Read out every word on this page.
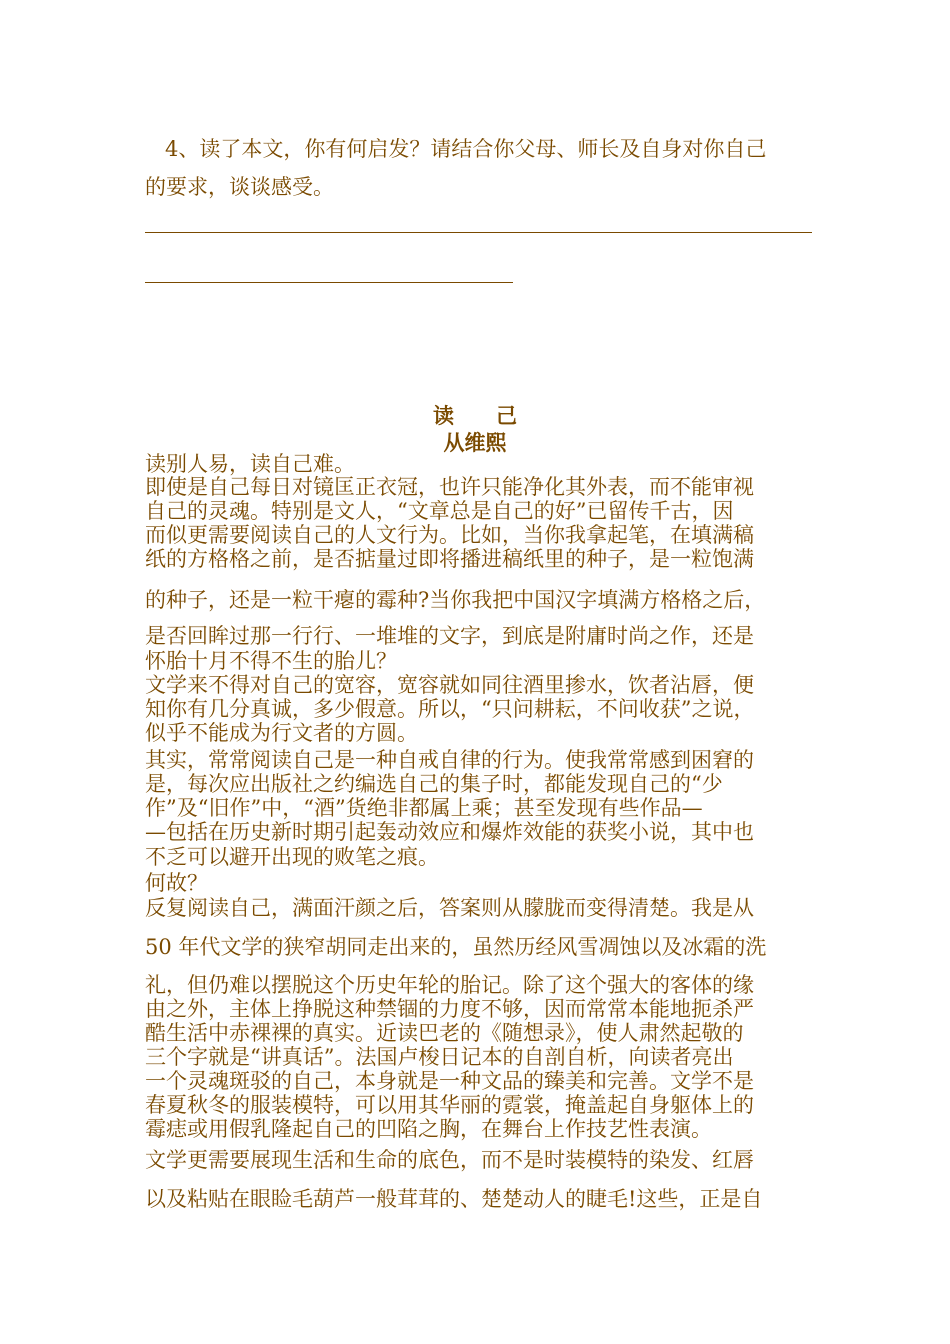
4、读了本文，你有何启发？请结合你父母、师长及自身对你自己
的要求，谈谈感受。
读　　己
从维熙
读别人易，读自己难。
即使是自己每日对镜匡正衣冠，也许只能净化其外表，而不能审视
自己的灵魂。特别是文人，“文章总是自己的好”已留传千古，因
而似更需要阅读自己的人文行为。比如，当你我拿起笔，在填满稿
纸的方格格之前，是否掂量过即将播进稿纸里的种子，是一粒饱满
的种子，还是一粒干瘪的霉种?当你我把中国汉字填满方格格之后，
是否回眸过那一行行、一堆堆的文字，到底是附庸时尚之作，还是
怀胎十月不得不生的胎儿？
文学来不得对自己的宽容，宽容就如同往酒里掺水，饮者沾唇，便
知你有几分真诚，多少假意。所以，“只问耕耘，不问收获”之说，
似乎不能成为行文者的方圆。
其实，常常阅读自己是一种自戒自律的行为。使我常常感到困窘的
是，每次应出版社之约编选自己的集子时，都能发现自己的“少
作”及“旧作”中，“酒”货绝非都属上乘；甚至发现有些作品—
—包括在历史新时期引起轰动效应和爆炸效能的获奖小说，其中也
不乏可以避开出现的败笔之痕。
何故？
反复阅读自己，满面汗颜之后，答案则从朦胧而变得清楚。我是从
50 年代文学的狭窄胡同走出来的，虽然历经风雪凋蚀以及冰霜的洗
礼，但仍难以摆脱这个历史年轮的胎记。除了这个强大的客体的缘
由之外，主体上挣脱这种禁锢的力度不够，因而常常本能地扼杀严
酷生活中赤裸裸的真实。近读巴老的《随想录》，使人肃然起敬的
三个字就是“讲真话”。法国卢梭日记本的自剖自析，向读者亮出
一个灵魂斑驳的自己，本身就是一种文品的臻美和完善。文学不是
春夏秋冬的服装模特，可以用其华丽的霓裳，掩盖起自身躯体上的
霉痣或用假乳隆起自己的凹陷之胸，在舞台上作技艺性表演。
文学更需要展现生活和生命的底色，而不是时装模特的染发、红唇
以及粘贴在眼睑毛葫芦一般茸茸的、楚楚动人的睫毛!这些，正是自
